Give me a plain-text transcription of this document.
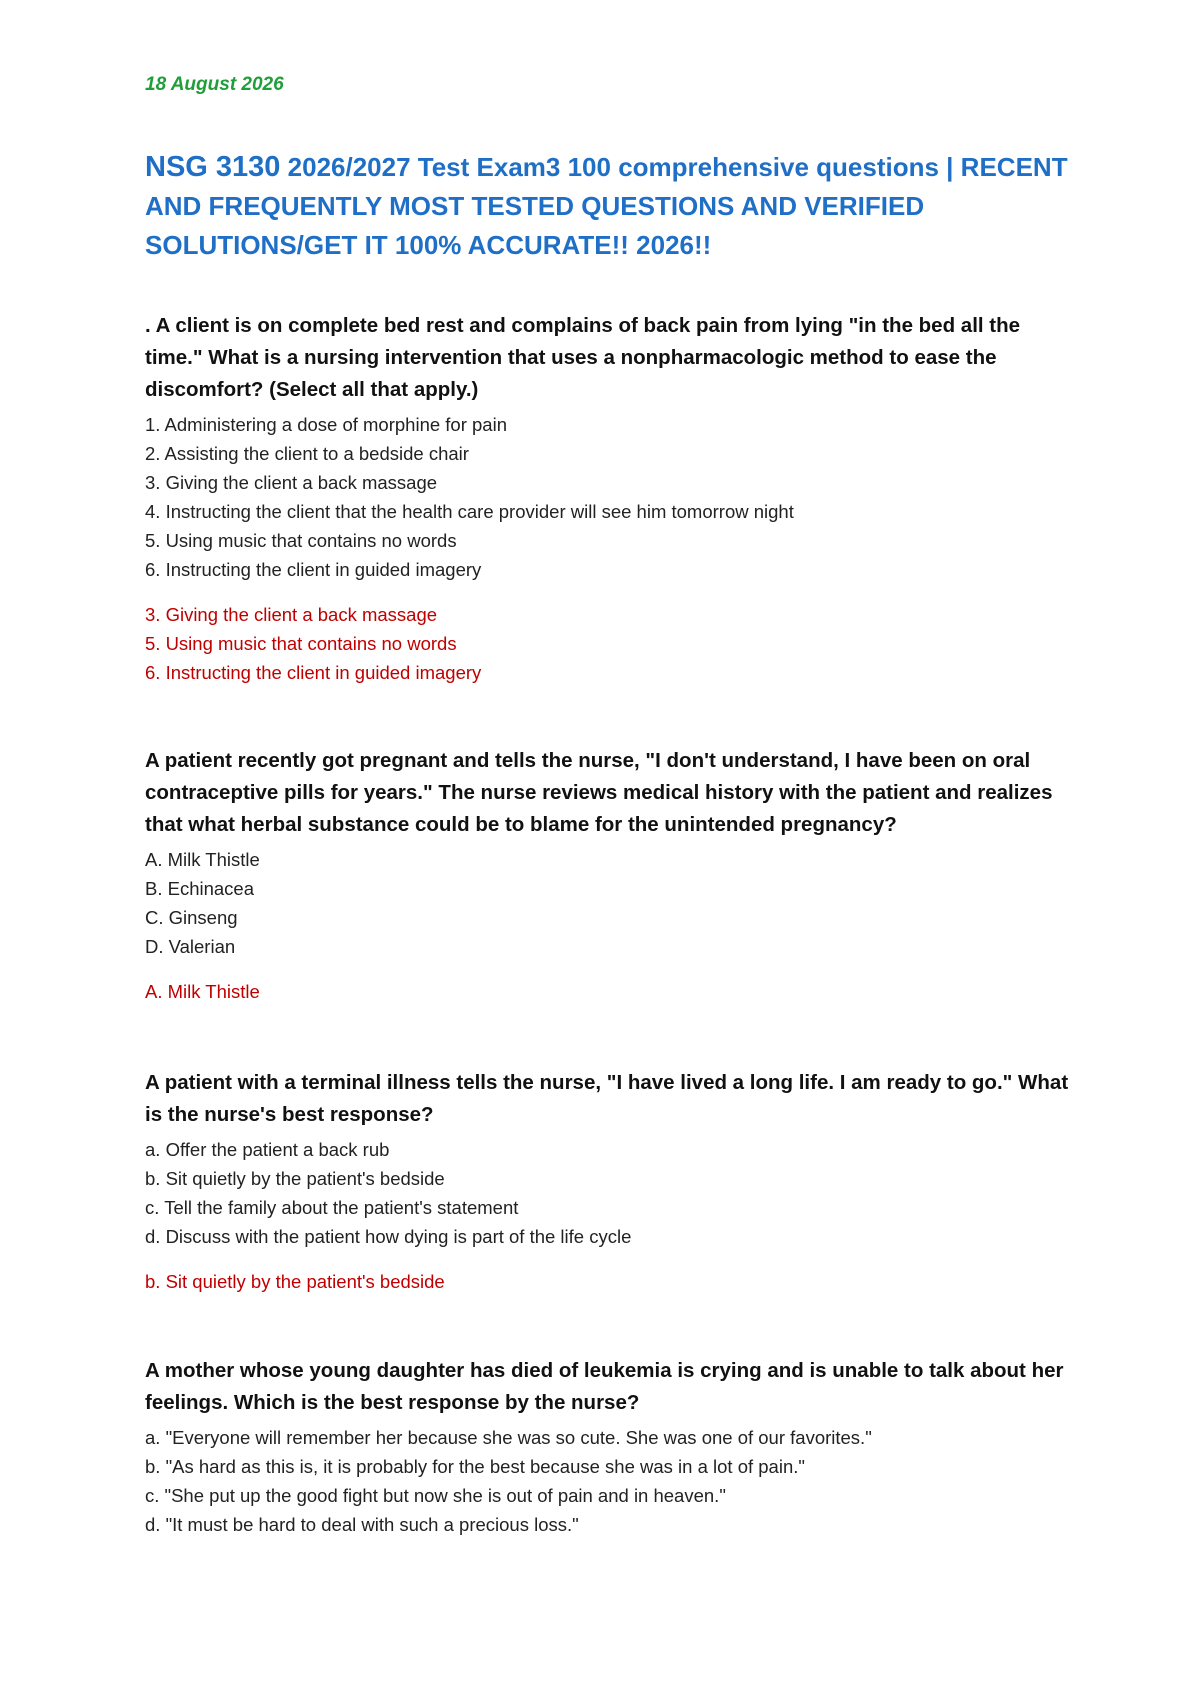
18 August 2026

NSG 3130 2026/2027 Test Exam3 100 comprehensive questions | RECENT AND FREQUENTLY MOST TESTED QUESTIONS AND VERIFIED SOLUTIONS/GET IT 100% ACCURATE!! 2026!!

. A client is on complete bed rest and complains of back pain from lying "in the bed all the time." What is a nursing intervention that uses a nonpharmacologic method to ease the discomfort? (Select all that apply.)

1. Administering a dose of morphine for pain
2. Assisting the client to a bedside chair
3. Giving the client a back massage
4. Instructing the client that the health care provider will see him tomorrow night
5. Using music that contains no words
6. Instructing the client in guided imagery
3. Giving the client a back massage
5. Using music that contains no words
6. Instructing the client in guided imagery

A patient recently got pregnant and tells the nurse, "I don't understand, I have been on oral contraceptive pills for years." The nurse reviews medical history with the patient and realizes that what herbal substance could be to blame for the unintended pregnancy?

A. Milk Thistle
B. Echinacea
C. Ginseng
D. Valerian
A. Milk Thistle

A patient with a terminal illness tells the nurse, "I have lived a long life. I am ready to go." What is the nurse's best response?

a. Offer the patient a back rub
b. Sit quietly by the patient's bedside
c. Tell the family about the patient's statement
d. Discuss with the patient how dying is part of the life cycle
b. Sit quietly by the patient's bedside

A mother whose young daughter has died of leukemia is crying and is unable to talk about her feelings. Which is the best response by the nurse?

a. "Everyone will remember her because she was so cute. She was one of our favorites."
b. "As hard as this is, it is probably for the best because she was in a lot of pain."
c. "She put up the good fight but now she is out of pain and in heaven."
d. "It must be hard to deal with such a precious loss."
